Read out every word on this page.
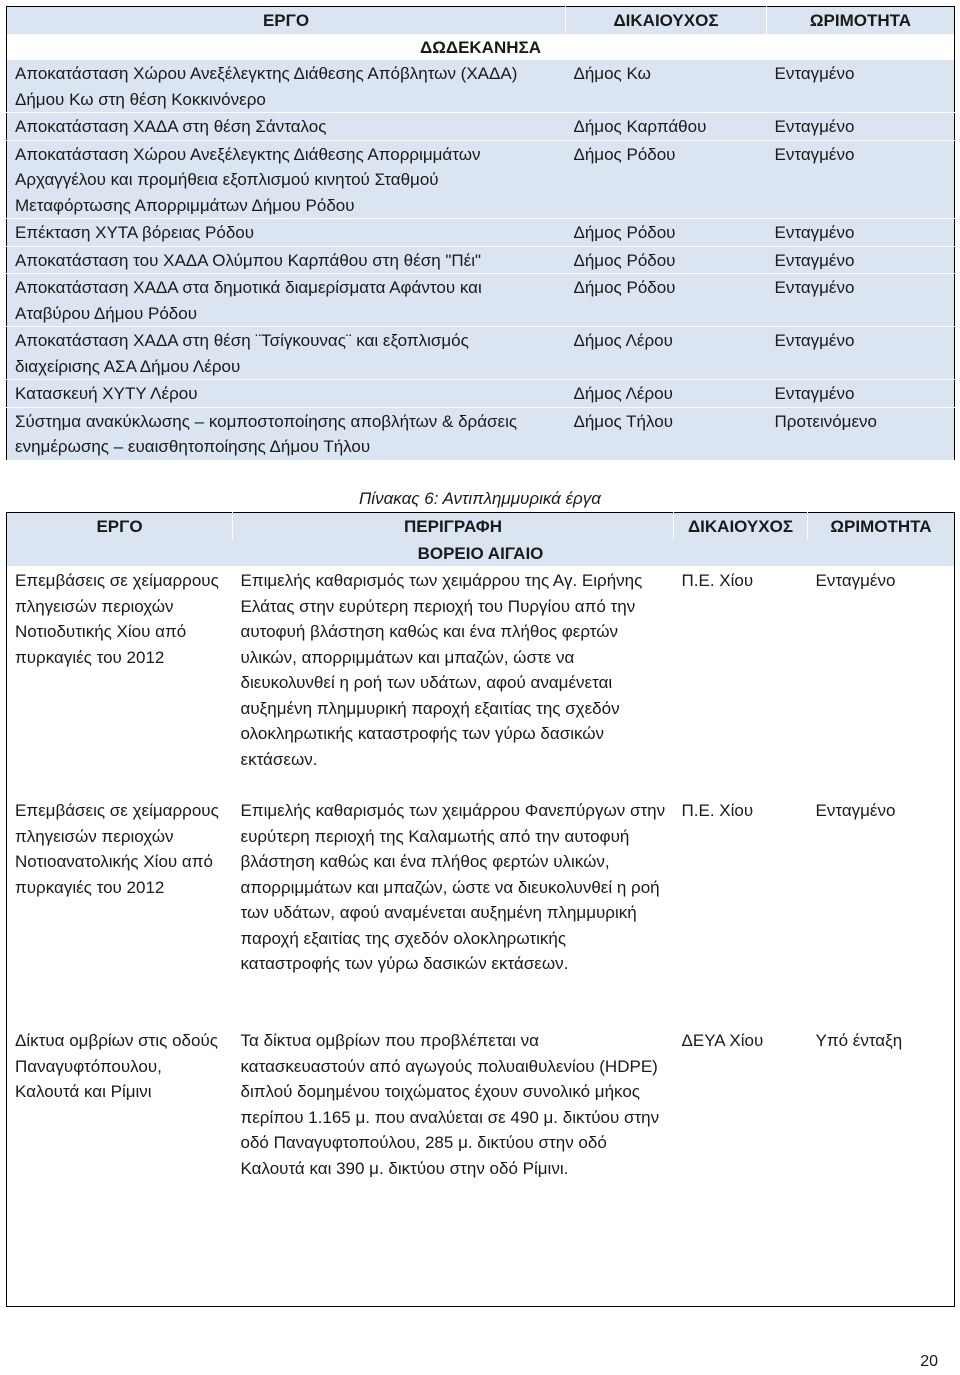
ΕΡΓΟ	ΔΙΚΑΙΟΥΧΟΣ	ΩΡΙΜΟΤΗΤΑ
ΔΩΔΕΚΑΝΗΣΑ		
Αποκατάσταση Χώρου Ανεξέλεγκτης Διάθεσης Απόβλητων (ΧΑΔΑ) Δήμου Κω στη θέση Κοκκινόνερο	Δήμος Κω	Ενταγμένο
Αποκατάσταση ΧΑΔΑ στη θέση Σάνταλος	Δήμος Καρπάθου	Ενταγμένο
Αποκατάσταση Χώρου Ανεξέλεγκτης Διάθεσης Απορριμμάτων Αρχαγγέλου και προμήθεια εξοπλισμού κινητού Σταθμού Μεταφόρτωσης Απορριμμάτων Δήμου Ρόδου	Δήμος Ρόδου	Ενταγμένο
Επέκταση ΧΥΤΑ βόρειας Ρόδου	Δήμος Ρόδου	Ενταγμένο
Αποκατάσταση του ΧΑΔΑ Ολύμπου Καρπάθου στη θέση "Πέι"	Δήμος Ρόδου	Ενταγμένο
Αποκατάσταση ΧΑΔΑ στα δημοτικά διαμερίσματα Αφάντου και Αταβύρου Δήμου Ρόδου	Δήμος Ρόδου	Ενταγμένο
Αποκατάσταση ΧΑΔΑ στη θέση ¨Τσίγκουνας¨ και εξοπλισμός διαχείρισης ΑΣΑ Δήμου Λέρου	Δήμος Λέρου	Ενταγμένο
Κατασκευή ΧΥΤΥ Λέρου	Δήμος Λέρου	Ενταγμένο
Σύστημα ανακύκλωσης – κομποστοποίησης αποβλήτων & δράσεις ενημέρωσης – ευαισθητοποίησης Δήμου Τήλου	Δήμος Τήλου	Προτεινόμενο
Πίνακας 6: Αντιπλημμυρικά έργα
ΕΡΓΟ	ΠΕΡΙΓΡΑΦΗ	ΔΙΚΑΙΟΥΧΟΣ	ΩΡΙΜΟΤΗΤΑ
ΒΟΡΕΙΟ ΑΙΓΑΙΟ			
Επεμβάσεις σε χείμαρρους πληγεισών περιοχών Νοτιοδυτικής Χίου από πυρκαγιές του 2012	Επιμελής καθαρισμός των χειμάρρου της Αγ. Ειρήνης Ελάτας στην ευρύτερη περιοχή του Πυργίου από την αυτοφυή βλάστηση καθώς και ένα πλήθος φερτών υλικών, απορριμμάτων και μπαζών, ώστε να διευκολυνθεί η ροή των υδάτων, αφού αναμένεται αυξημένη πλημμυρική παροχή εξαιτίας της σχεδόν ολοκληρωτικής καταστροφής των γύρω δασικών εκτάσεων.	Π.Ε. Χίου	Ενταγμένο
Επεμβάσεις σε χείμαρρους πληγεισών περιοχών Νοτιοανατολικής Χίου από πυρκαγιές του 2012	Επιμελής καθαρισμός των χειμάρρου Φανεπύργων στην ευρύτερη περιοχή της Καλαμωτής από την αυτοφυή βλάστηση καθώς και ένα πλήθος φερτών υλικών, απορριμμάτων και μπαζών, ώστε να διευκολυνθεί η ροή των υδάτων, αφού αναμένεται αυξημένη πλημμυρική παροχή εξαιτίας της σχεδόν ολοκληρωτικής καταστροφής των γύρω δασικών εκτάσεων.	Π.Ε. Χίου	Ενταγμένο
Δίκτυα ομβρίων στις οδούς Παναγυφτόπουλου, Καλουτά και Ρίμινι	Τα δίκτυα ομβρίων που προβλέπεται να κατασκευαστούν από αγωγούς πολυαιθυλενίου (HDPE) διπλού δομημένου τοιχώματος έχουν συνολικό μήκος περίπου 1.165 μ. που αναλύεται σε 490 μ. δικτύου στην οδό Παναγυφτοπούλου, 285 μ. δικτύου στην οδό Καλουτά και 390 μ. δικτύου στην οδό Ρίμινι.	ΔΕΥΑ Χίου	Υπό ένταξη
20
